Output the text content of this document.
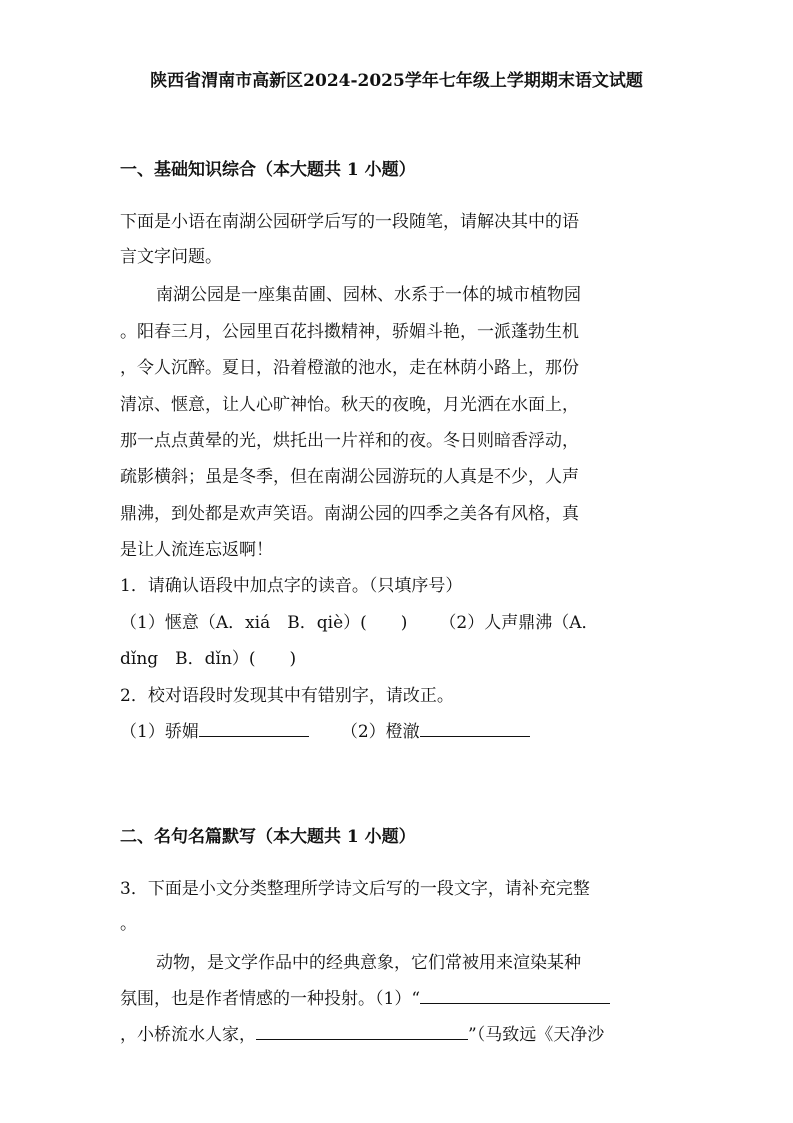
陕西省渭南市高新区2024-2025学年七年级上学期期末语文试题
一、基础知识综合（本大题共 1 小题）
下面是小语在南湖公园研学后写的一段随笔，请解决其中的语
言文字问题。
南湖公园是一座集苗圃、园林、水系于一体的城市植物园
。阳春三月，公园里百花抖擞精神，骄媚斗艳，一派蓬勃生机
，令人沉醉。夏日，沿着橙澈的池水，走在林荫小路上，那份
清凉、惬意，让人心旷神怡。秋天的夜晚，月光洒在水面上，
那一点点黄晕的光，烘托出一片祥和的夜。冬日则暗香浮动，
疏影横斜；虽是冬季，但在南湖公园游玩的人真是不少，人声
鼎沸，到处都是欢声笑语。南湖公园的四季之美各有风格，真
是让人流连忘返啊！
1．请确认语段中加点字的读音。（只填序号）
（1）惬意（A．xiá　B．qiè）(　　) （2）人声鼎沸（A．
dǐng　B．dǐn）(　　)
2．校对语段时发现其中有错别字，请改正。
（1）骄媚	（2）橙澈
二、名句名篇默写（本大题共 1 小题）
3．下面是小文分类整理所学诗文后写的一段文字，请补充完整
。
动物，是文学作品中的经典意象，它们常被用来渲染某种
氛围，也是作者情感的一种投射。（1）“
，小桥流水人家，	”（马致远《天净沙
